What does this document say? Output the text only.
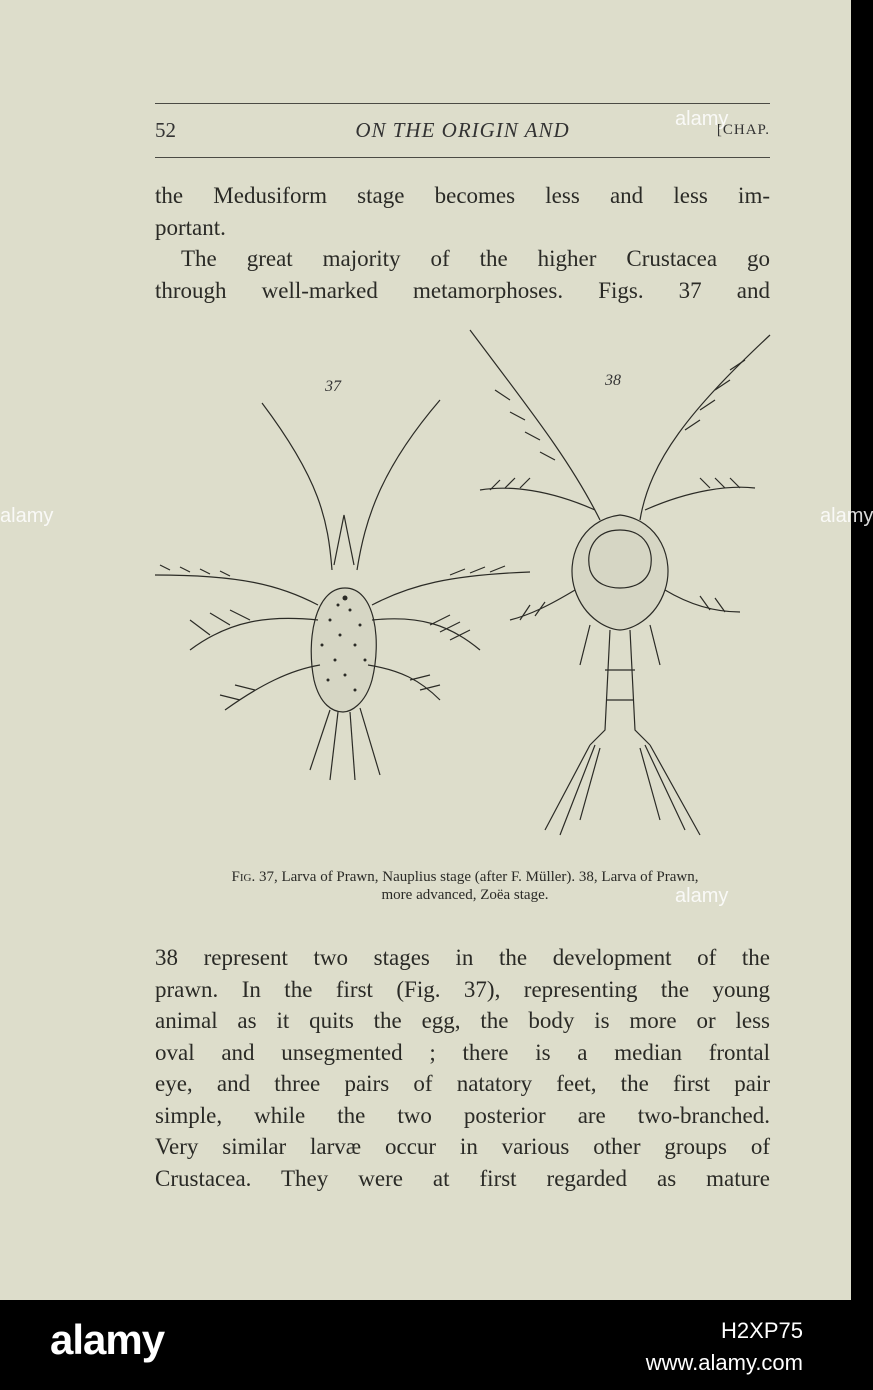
52	ON THE ORIGIN AND	[CHAP.
the Medusiform stage becomes less and less im-
portant.
The great majority of the higher Crustacea go
through well-marked metamorphoses. Figs. 37 and
37	38
Fig. 37, Larva of Prawn, Nauplius stage (after F. Müller). 38, Larva of Prawn,
more advanced, Zoëa stage.
38 represent two stages in the development of the
prawn. In the first (Fig. 37), representing the young
animal as it quits the egg, the body is more or less
oval and unsegmented ; there is a median frontal
eye, and three pairs of natatory feet, the first pair
simple, while the two posterior are two-branched.
Very similar larvæ occur in various other groups of
Crustacea. They were at first regarded as mature
alamy
alamy
alamy	alamy
alamy	H2XP75
www.alamy.com
